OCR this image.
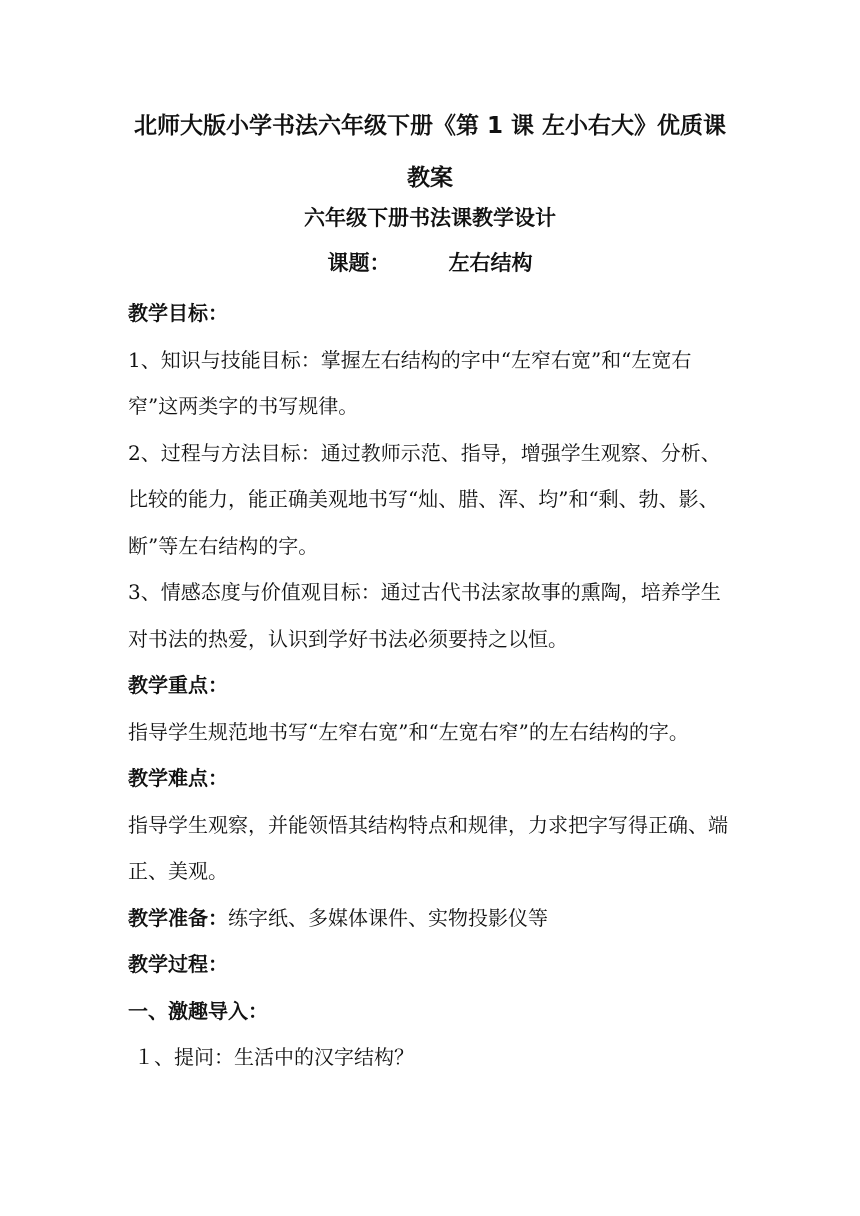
北师大版小学书法六年级下册《第 1 课 左小右大》优质课教案
六年级下册书法课教学设计
课题：	左右结构

教学目标：

1、知识与技能目标：掌握左右结构的字中“左窄右宽”和“左宽右窄”这两类字的书写规律。

2、过程与方法目标：通过教师示范、指导，增强学生观察、分析、比较的能力，能正确美观地书写“灿、腊、浑、均”和“剩、勃、影、断”等左右结构的字。

3、情感态度与价值观目标：通过古代书法家故事的熏陶，培养学生对书法的热爱，认识到学好书法必须要持之以恒。

教学重点：

指导学生规范地书写“左窄右宽”和“左宽右窄”的左右结构的字。

教学难点：

指导学生观察，并能领悟其结构特点和规律，力求把字写得正确、端正、美观。

教学准备：练字纸、多媒体课件、实物投影仪等

教学过程：

一、激趣导入：

１、提问：生活中的汉字结构？
